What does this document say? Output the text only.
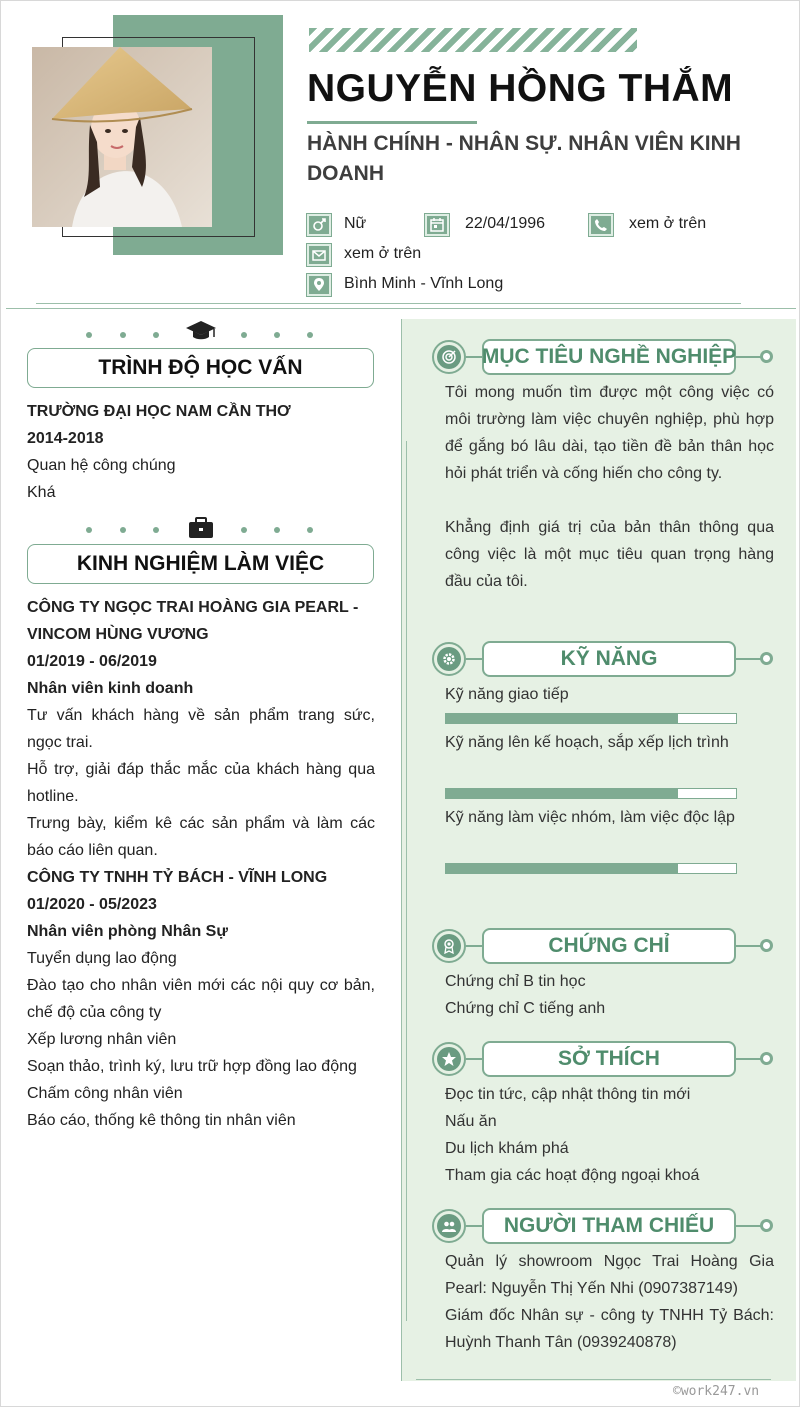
NGUYỄN HỒNG THẮM
HÀNH CHÍNH - NHÂN SỰ. NHÂN VIÊN KINH DOANH
Nữ	22/04/1996	xem ở trên
xem ở trên
Bình Minh - Vĩnh Long
TRÌNH ĐỘ HỌC VẤN
TRƯỜNG ĐẠI HỌC NAM CẦN THƠ
2014-2018
Quan hệ công chúng
Khá
KINH NGHIỆM LÀM VIỆC
CÔNG TY NGỌC TRAI HOÀNG GIA PEARL - VINCOM HÙNG VƯƠNG
01/2019 - 06/2019
Nhân viên kinh doanh
Tư vấn khách hàng về sản phẩm trang sức, ngọc trai.
Hỗ trợ, giải đáp thắc mắc của khách hàng qua hotline.
Trưng bày, kiểm kê các sản phẩm và làm các báo cáo liên quan.
CÔNG TY TNHH TỶ BÁCH - VĨNH LONG
01/2020 - 05/2023
Nhân viên phòng Nhân Sự
Tuyển dụng lao động
Đào tạo cho nhân viên mới các nội quy cơ bản, chế độ của công ty
Xếp lương nhân viên
Soạn thảo, trình ký, lưu trữ hợp đồng lao động
Chấm công nhân viên
Báo cáo, thống kê thông tin nhân viên
MỤC TIÊU NGHỀ NGHIỆP
Tôi mong muốn tìm được một công việc có môi trường làm việc chuyên nghiệp, phù hợp để gắng bó lâu dài, tạo tiền đề bản thân học hỏi phát triển và cống hiến cho công ty.
Khẳng định giá trị của bản thân thông qua công việc là một mục tiêu quan trọng hàng đầu của tôi.
KỸ NĂNG
Kỹ năng giao tiếp
Kỹ năng lên kế hoạch, sắp xếp lịch trình
Kỹ năng làm việc nhóm, làm việc độc lập
CHỨNG CHỈ
Chứng chỉ B tin học
Chứng chỉ C tiếng anh
SỞ THÍCH
Đọc tin tức, cập nhật thông tin mới
Nấu ăn
Du lịch khám phá
Tham gia các hoạt động ngoại khoá
NGƯỜI THAM CHIẾU
Quản lý showroom Ngọc Trai Hoàng Gia Pearl: Nguyễn Thị Yến Nhi (0907387149)
Giám đốc Nhân sự - công ty TNHH Tỷ Bách: Huỳnh Thanh Tân (0939240878)
©work247.vn
